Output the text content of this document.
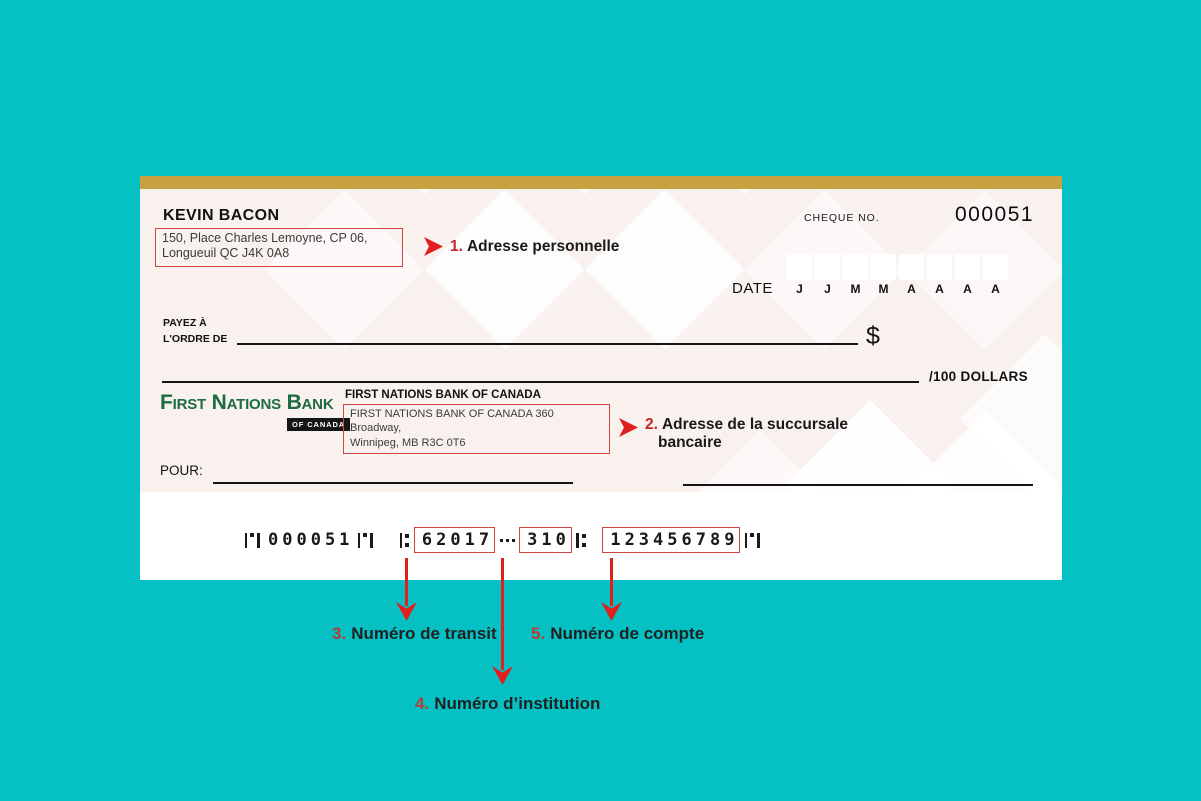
KEVIN BACON
150, Place Charles Lemoyne, CP 06,
Longueuil QC J4K 0A8	1. Adresse personnelle
CHEQUE NO.	000051
DATE	J	J	M	M	A	A	A	A
PAYEZ À
L'ORDRE DE	$
/100 DOLLARS
First Nations Bank
OF CANADA
FIRST NATIONS BANK OF CANADA
FIRST NATIONS BANK OF CANADA 360 Broadway,
Winnipeg, MB R3C 0T6
2. Adresse de la succursale
bancaire
POUR:
000051	62017 310 123456789
3. Numéro de transit
4. Numéro d’institution
5. Numéro de compte
